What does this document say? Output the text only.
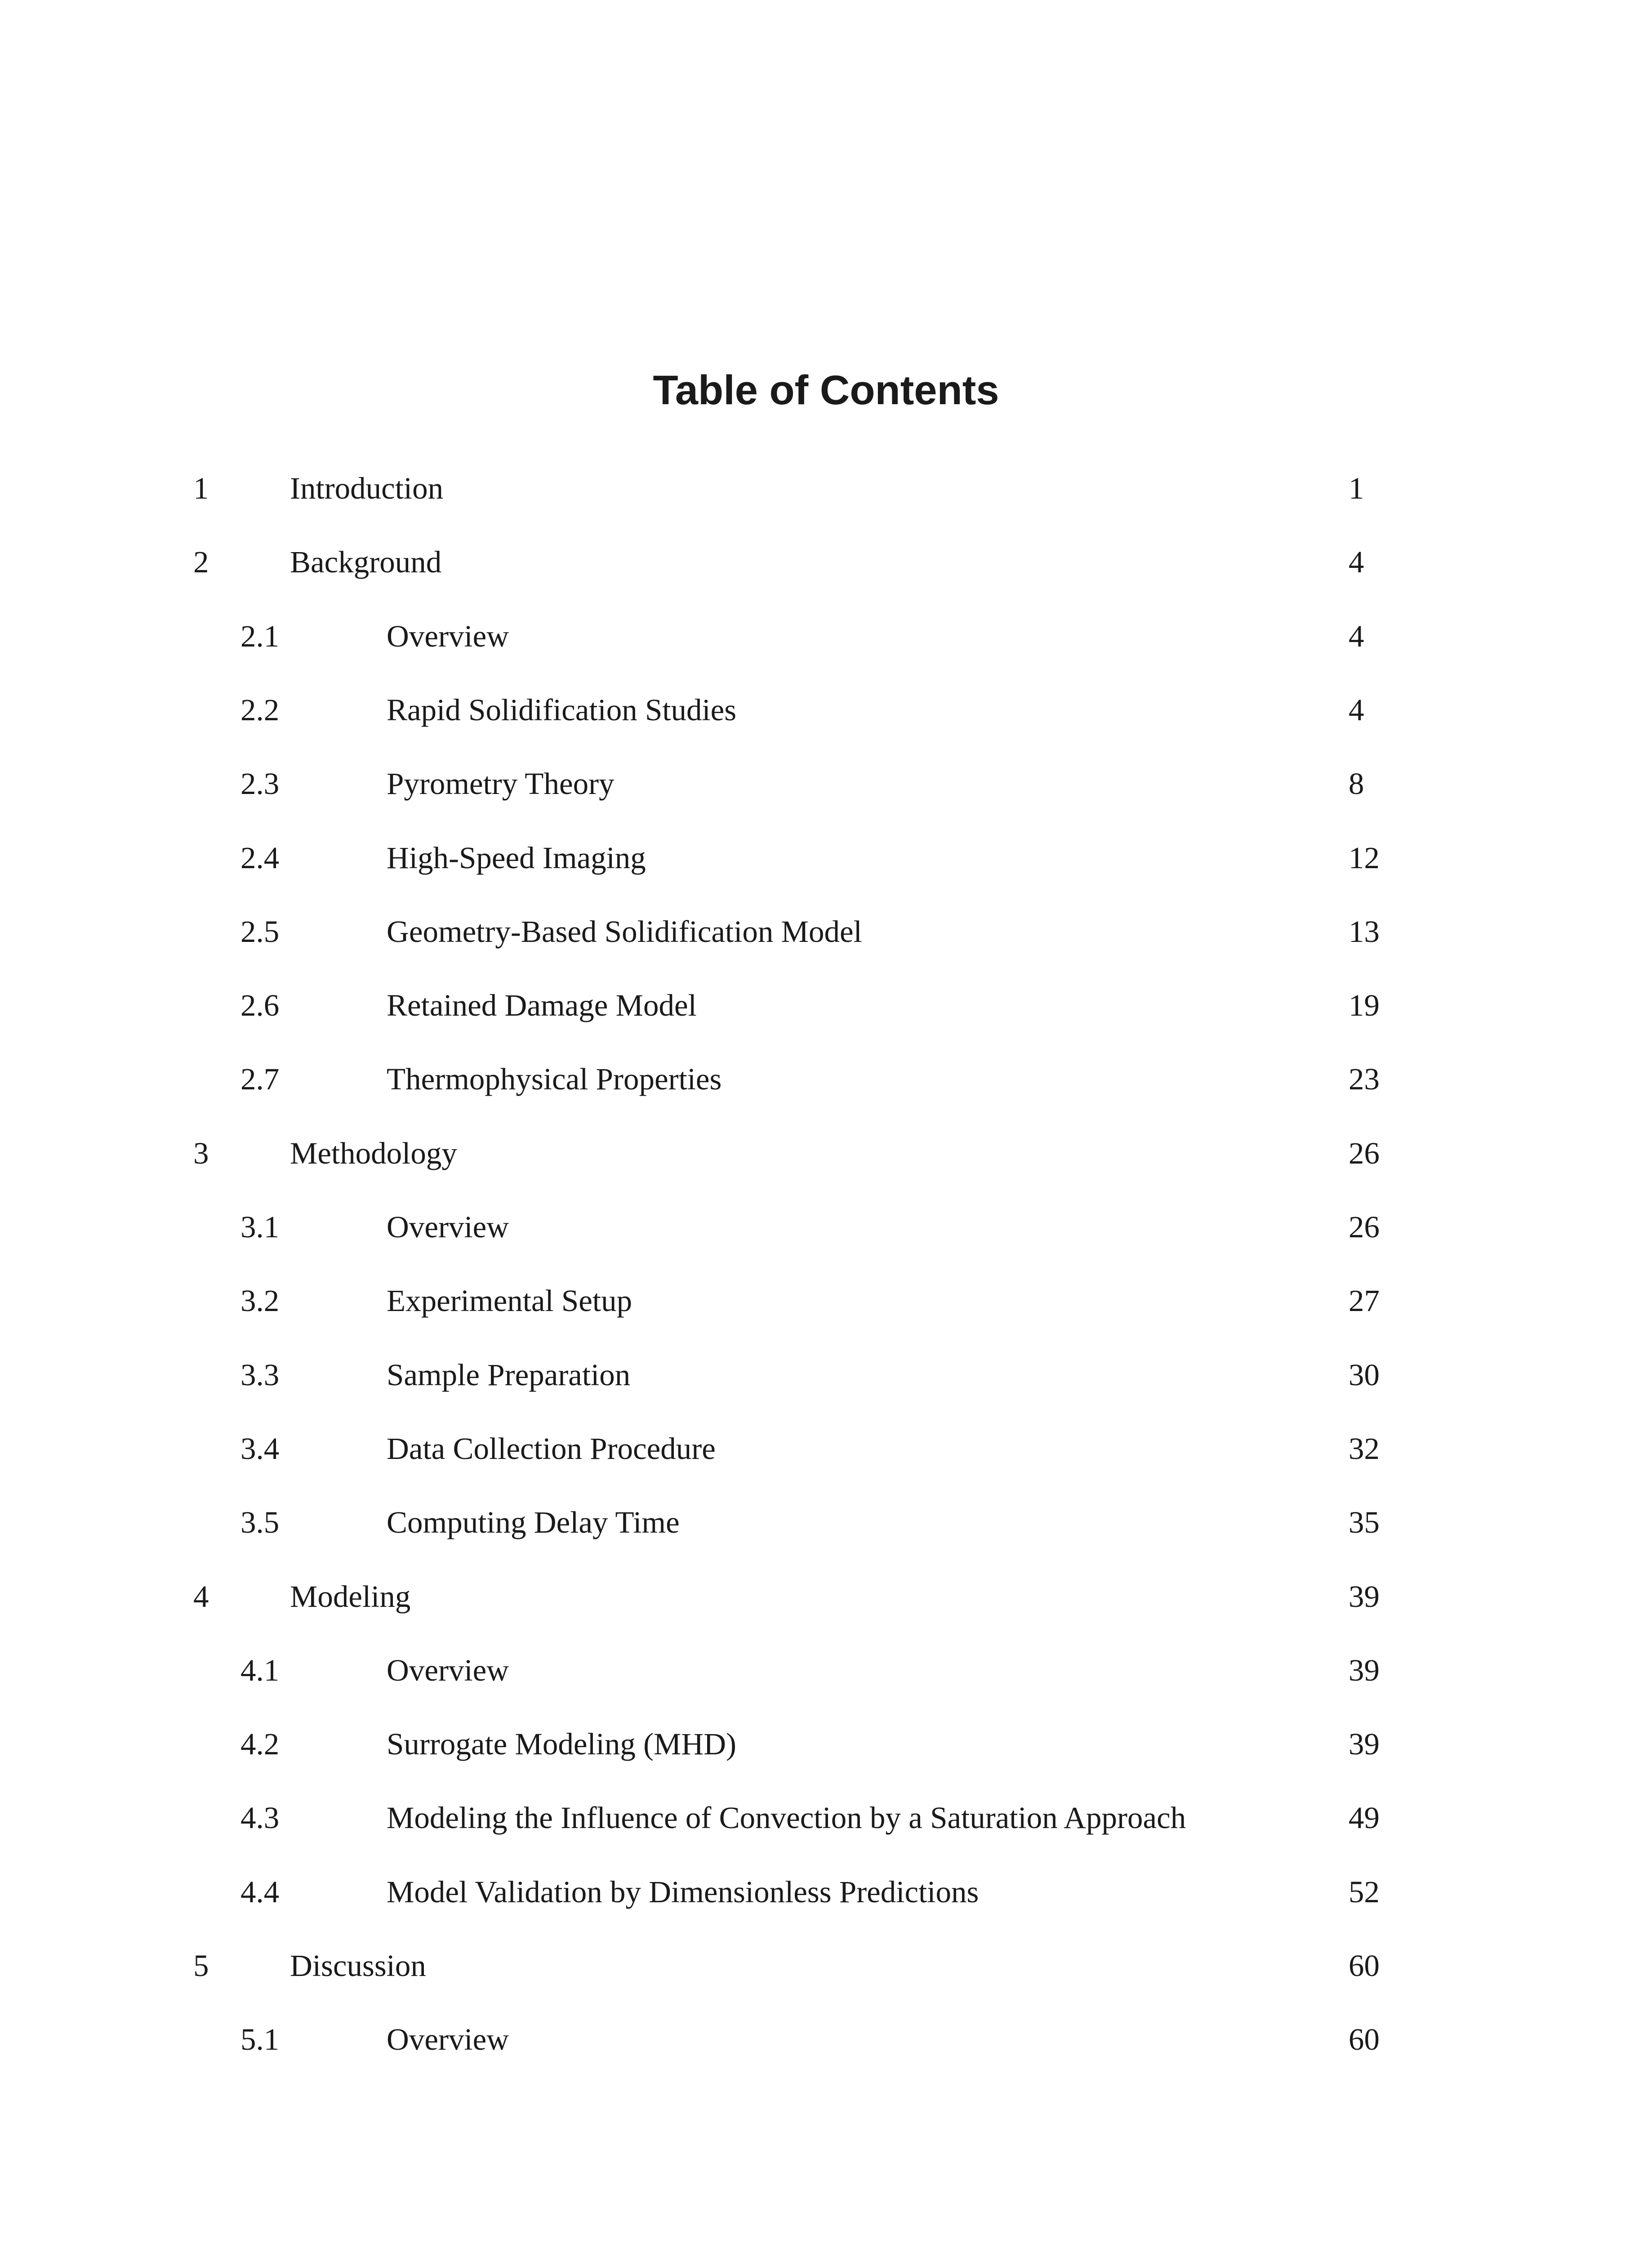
Table of Contents
1	Introduction	1
2	Background	4
2.1	Overview	4
2.2	Rapid Solidification Studies	4
2.3	Pyrometry Theory	8
2.4	High-Speed Imaging	12
2.5	Geometry-Based Solidification Model	13
2.6	Retained Damage Model	19
2.7	Thermophysical Properties	23
3	Methodology	26
3.1	Overview	26
3.2	Experimental Setup	27
3.3	Sample Preparation	30
3.4	Data Collection Procedure	32
3.5	Computing Delay Time	35
4	Modeling	39
4.1	Overview	39
4.2	Surrogate Modeling (MHD)	39
4.3	Modeling the Influence of Convection by a Saturation Approach	49
4.4	Model Validation by Dimensionless Predictions	52
5	Discussion	60
5.1	Overview	60
